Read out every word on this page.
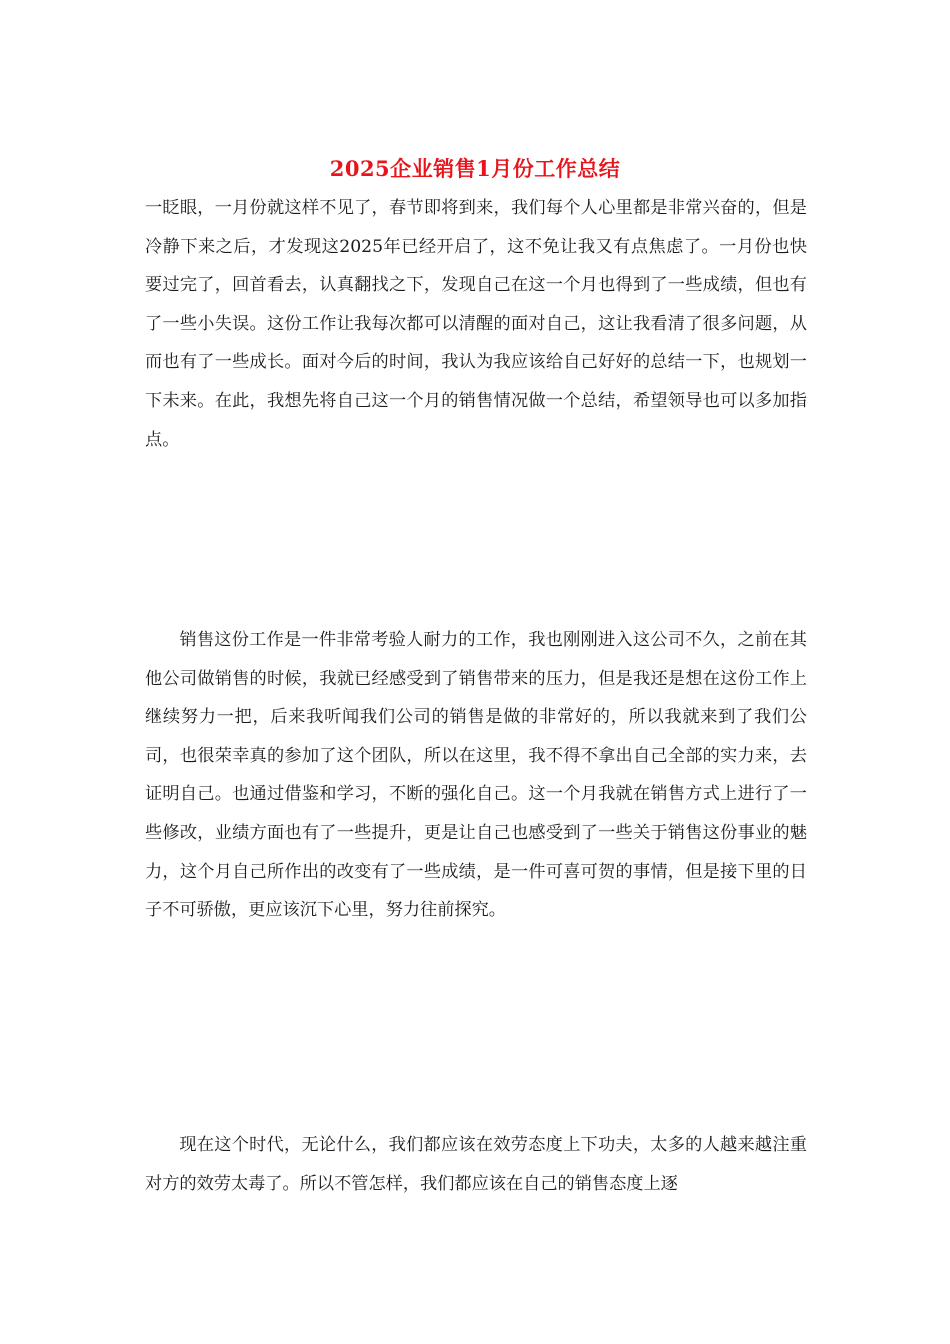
2025企业销售1月份工作总结

一眨眼，一月份就这样不见了，春节即将到来，我们每个人心里都是非常兴奋的，但是冷静下来之后，才发现这2025年已经开启了，这不免让我又有点焦虑了。一月份也快要过完了，回首看去，认真翻找之下，发现自己在这一个月也得到了一些成绩，但也有了一些小失误。这份工作让我每次都可以清醒的面对自己，这让我看清了很多问题，从而也有了一些成长。面对今后的时间，我认为我应该给自己好好的总结一下，也规划一下未来。在此，我想先将自己这一个月的销售情况做一个总结，希望领导也可以多加指点。

销售这份工作是一件非常考验人耐力的工作，我也刚刚进入这公司不久，之前在其他公司做销售的时候，我就已经感受到了销售带来的压力，但是我还是想在这份工作上继续努力一把，后来我听闻我们公司的销售是做的非常好的，所以我就来到了我们公司，也很荣幸真的参加了这个团队，所以在这里，我不得不拿出自己全部的实力来，去证明自己。也通过借鉴和学习，不断的强化自己。这一个月我就在销售方式上进行了一些修改，业绩方面也有了一些提升，更是让自己也感受到了一些关于销售这份事业的魅力，这个月自己所作出的改变有了一些成绩，是一件可喜可贺的事情，但是接下里的日子不可骄傲，更应该沉下心里，努力往前探究。

现在这个时代，无论什么，我们都应该在效劳态度上下功夫，太多的人越来越注重对方的效劳太毒了。所以不管怎样，我们都应该在自己的销售态度上逐
